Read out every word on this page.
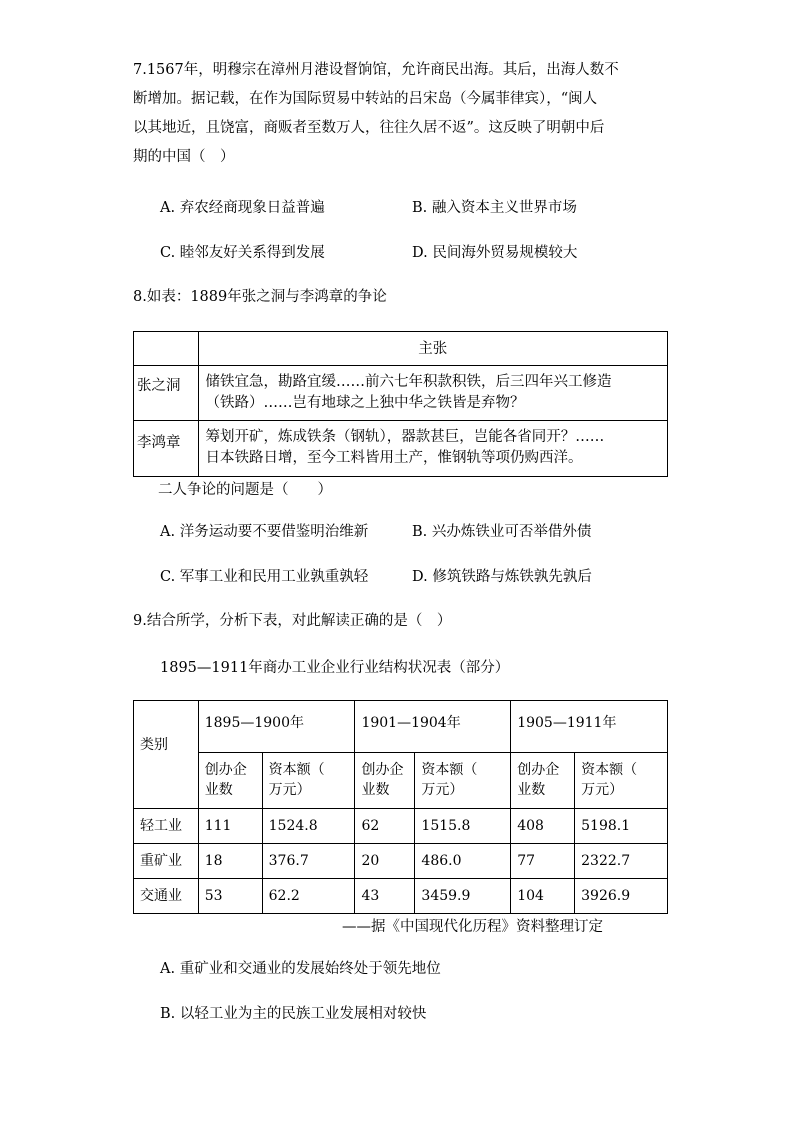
7.1567年，明穆宗在漳州月港设督饷馆，允许商民出海。其后，出海人数不
断增加。据记载，在作为国际贸易中转站的吕宋岛（今属菲律宾），“闽人
以其地近，且饶富，商贩者至数万人，往往久居不返”。这反映了明朝中后
期的中国（　）
A. 弃农经商现象日益普遍	B. 融入资本主义世界市场
C. 睦邻友好关系得到发展	D. 民间海外贸易规模较大
8.如表：1889年张之洞与李鸿章的争论
	主张
张之洞	储铁宜急，勘路宜缓……前六七年积款积铁，后三四年兴工修造
（铁路）……岂有地球之上独中华之铁皆是弃物？

李鸿章	筹划开矿，炼成铁条（钢轨），器款甚巨，岂能各省同开？……
日本铁路日增，至今工料皆用土产，惟钢轨等项仍购西洋。
二人争论的问题是（　　）
A. 洋务运动要不要借鉴明治维新	B. 兴办炼铁业可否举借外债
C. 军事工业和民用工业孰重孰轻	D. 修筑铁路与炼铁孰先孰后
9.结合所学，分析下表，对此解读正确的是（　）
1895—1911年商办工业企业行业结构状况表（部分）
类别	1895—1900年		1901—1904年		1905—1911年	

	创办企
业数	资本额（
万元）	创办企
业数	资本额（
万元）	创办企
业数	资本额（
万元）

轻工业	111	1524.8	62	1515.8	408	5198.1
重矿业	18	376.7	20	486.0	77	2322.7
交通业	53	62.2	43	3459.9	104	3926.9
——据《中国现代化历程》资料整理订定
A. 重矿业和交通业的发展始终处于领先地位
B. 以轻工业为主的民族工业发展相对较快
